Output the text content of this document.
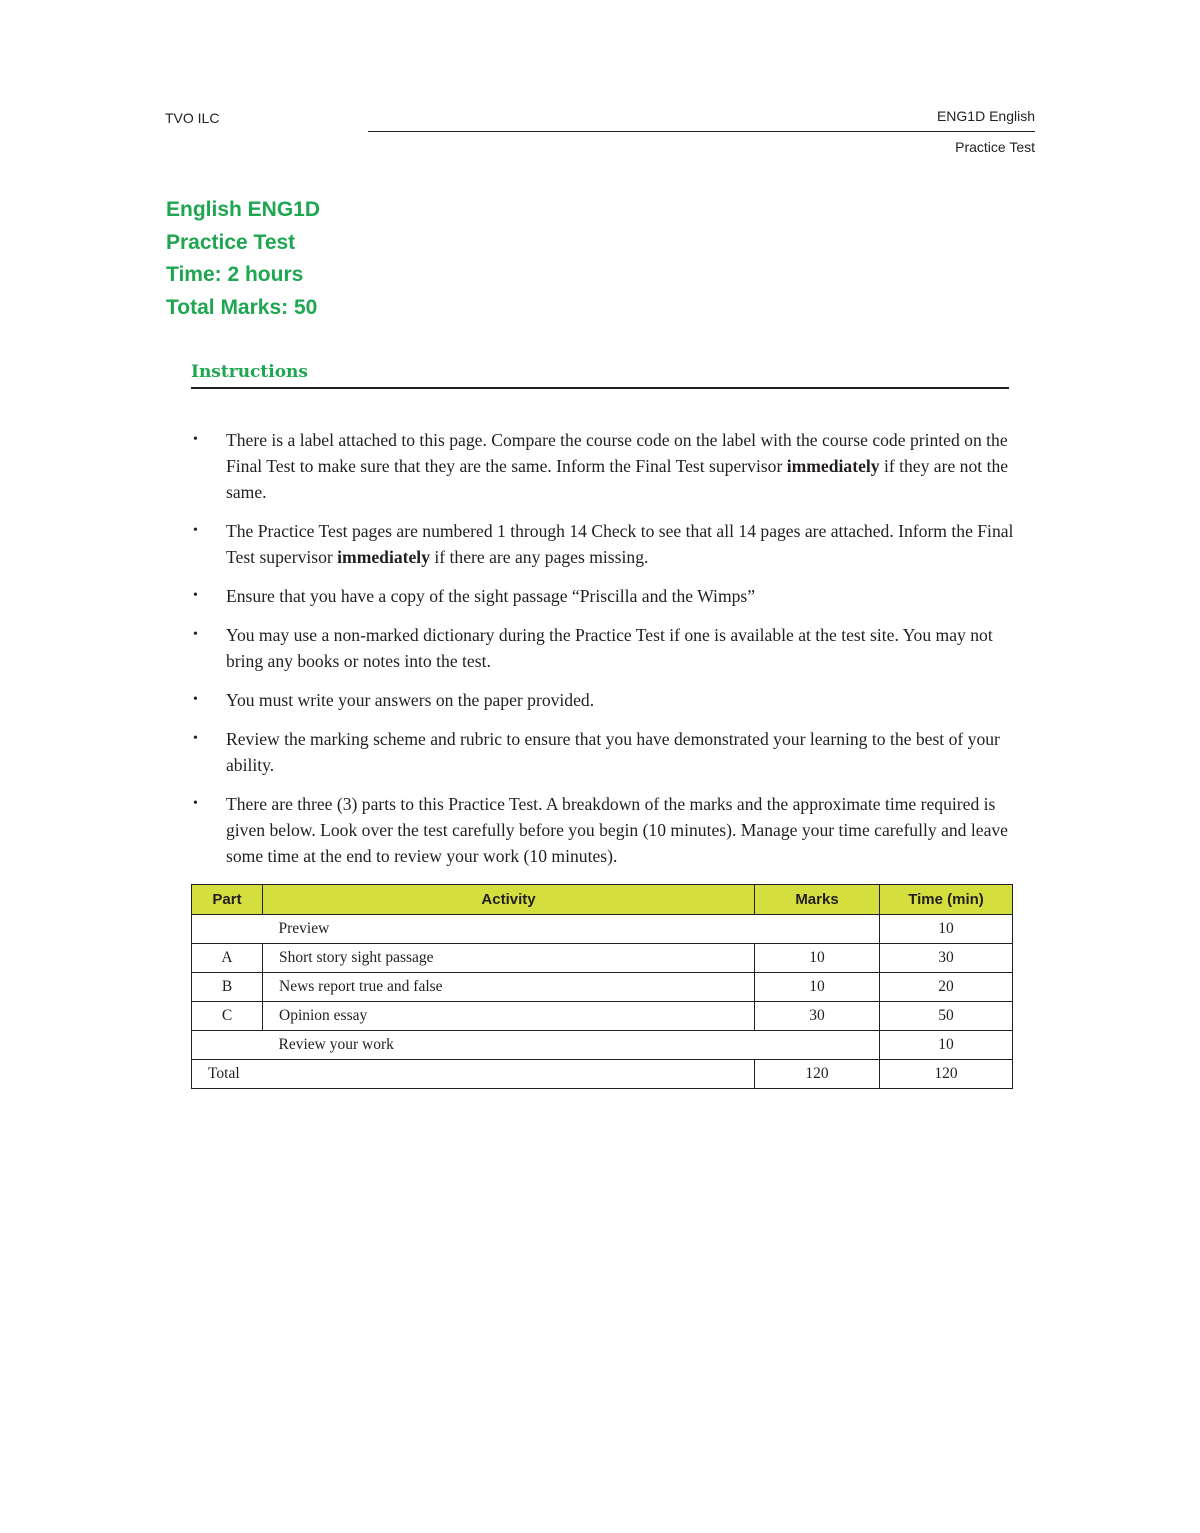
TVO ILC	ENG1D English
Practice Test
English ENG1D
Practice Test
Time: 2 hours
Total Marks: 50
Instructions
• There is a label attached to this page. Compare the course code on the label with the course code printed on the Final Test to make sure that they are the same. Inform the Final Test supervisor immediately if they are not the same.
• The Practice Test pages are numbered 1 through 14 Check to see that all 14 pages are attached. Inform the Final Test supervisor immediately if there are any pages missing.
• Ensure that you have a copy of the sight passage “Priscilla and the Wimps”
• You may use a non-marked dictionary during the Practice Test if one is available at the test site. You may not bring any books or notes into the test.
• You must write your answers on the paper provided.
• Review the marking scheme and rubric to ensure that you have demonstrated your learning to the best of your ability.
• There are three (3) parts to this Practice Test. A breakdown of the marks and the approximate time required is given below. Look over the test carefully before you begin (10 minutes). Manage your time carefully and leave some time at the end to review your work (10 minutes).
Part	Activity	Marks	Time (min)
	Preview		10
A	Short story sight passage	10	30
B	News report true and false	10	20
C	Opinion essay	30	50
	Review your work		10
Total		120	120
